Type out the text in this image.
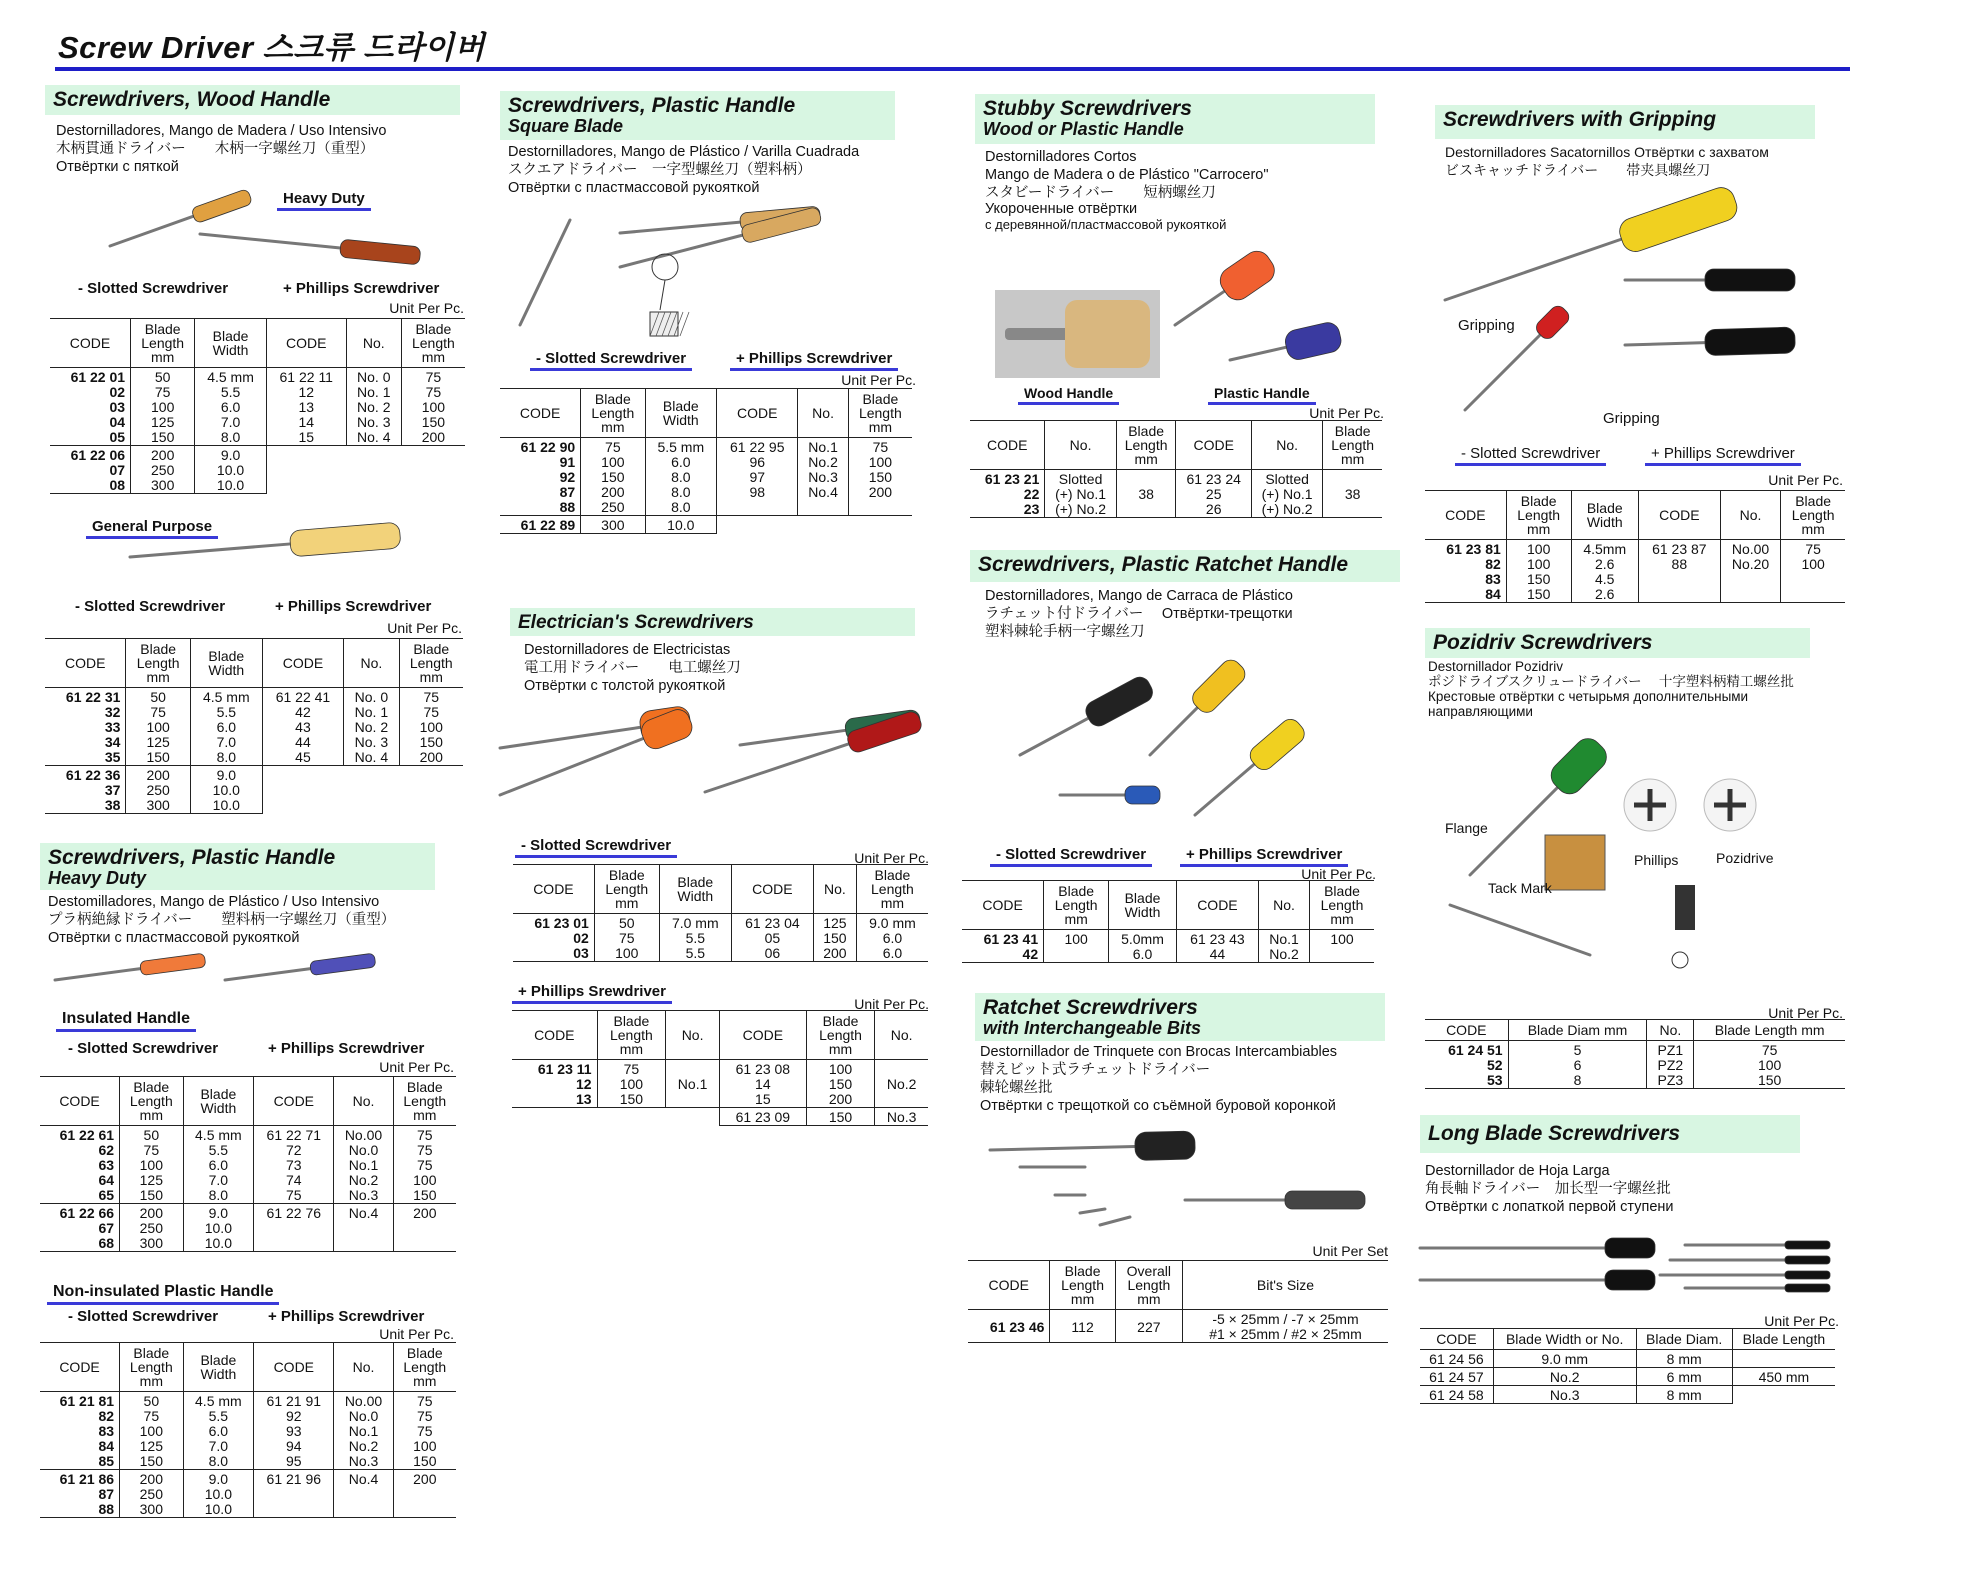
Screw Driver 스크류 드라이버
Screwdrivers, Wood Handle
Destornilladores, Mango de Madera / Uso Intensivo
木柄貫通ドライバー　　木柄一字螺丝刀（重型）
Отвёртки с пяткой
Heavy Duty
- Slotted Screwdriver	+ Phillips Screwdriver
Unit Per Pc.
CODE	Blade
Length
mm	Blade
Width	CODE	No.	Blade
Length
mm
61 22 01	50	4.5 mm	61 22 11	No. 0	75
02	75	5.5	12	No. 1	75
03	100	6.0	13	No. 2	100
04	125	7.0	14	No. 3	150
05	150	8.0	15	No. 4	200
61 22 06	200	9.0			
07	250	10.0			
08	300	10.0			
General Purpose
- Slotted Screwdriver	+ Phillips Screwdriver
Unit Per Pc.
CODE	Blade
Length
mm	Blade
Width	CODE	No.	Blade
Length
mm
61 22 31	50	4.5 mm	61 22 41	No. 0	75
32	75	5.5	42	No. 1	75
33	100	6.0	43	No. 2	100
34	125	7.0	44	No. 3	150
35	150	8.0	45	No. 4	200
61 22 36	200	9.0			
37	250	10.0			
38	300	10.0			
Screwdrivers, Plastic Handle
Heavy Duty
Destomilladores, Mango de Plástico / Uso Intensivo
プラ柄絶縁ドライバー　　塑料柄一字螺丝刀（重型）
Отвёртки с пластмассовой рукояткой
Insulated Handle
- Slotted Screwdriver	+ Phillips Screwdriver
Unit Per Pc.
CODE	Blade
Length
mm	Blade
Width	CODE	No.	Blade
Length
mm
61 22 61	50	4.5 mm	61 22 71	No.00	75
62	75	5.5	72	No.0	75
63	100	6.0	73	No.1	75
64	125	7.0	74	No.2	100
65	150	8.0	75	No.3	150
61 22 66	200	9.0	61 22 76	No.4	200
67	250	10.0			
68	300	10.0			
Non-insulated Plastic Handle
- Slotted Screwdriver	+ Phillips Screwdriver
Unit Per Pc.
CODE	Blade
Length
mm	Blade
Width	CODE	No.	Blade
Length
mm
61 21 81	50	4.5 mm	61 21 91	No.00	75
82	75	5.5	92	No.0	75
83	100	6.0	93	No.1	75
84	125	7.0	94	No.2	100
85	150	8.0	95	No.3	150
61 21 86	200	9.0	61 21 96	No.4	200
87	250	10.0			
88	300	10.0			
Screwdrivers, Plastic Handle
Square Blade
Destornilladores, Mango de Plástico / Varilla Cuadrada
スクエアドライバー　一字型螺丝刀（塑料柄）
Отвёртки с пластмассовой рукояткой
- Slotted Screwdriver	+ Phillips Screwdriver
Unit Per Pc.
CODE	Blade
Length
mm	Blade
Width	CODE	No.	Blade
Length
mm
61 22 90	75	5.5 mm	61 22 95	No.1	75
91	100	6.0	96	No.2	100
92	150	8.0	97	No.3	150
87	200	8.0	98	No.4	200
88	250	8.0			
61 22 89	300	10.0			
Electrician's Screwdrivers
Destornilladores de Electricistas
電工用ドライバー　　电工螺丝刀
Отвёртки с толстой рукояткой
- Slotted Screwdriver
Unit Per Pc.
CODE	Blade
Length
mm	Blade
Width	CODE	No.	Blade
Length
mm
61 23 01	50	7.0 mm	61 23 04	125	9.0 mm
02	75	5.5	05	150	6.0
03	100	5.5	06	200	6.0
+ Phillips Srewdriver
Unit Per Pc.
CODE	Blade
Length
mm	No.	CODE	Blade
Length
mm	No.
61 23 11	75		61 23 08	100	
12	100	No.1	14	150	No.2
13	150		15	200	
			61 23 09	150	No.3
Stubby Screwdrivers
Wood or Plastic Handle
Destornilladores Cortos
Mango de Madera o de Plástico "Carrocero"
スタビードライバー　　短柄螺丝刀
Укороченные отвёртки
с деревянной/пластмассовой рукояткой
Wood Handle	Plastic Handle
Unit Per Pc.
CODE	No.	Blade
Length
mm	CODE	No.	Blade
Length
mm
61 23 21	Slotted		61 23 24	Slotted	
22	(+) No.1	38	25	(+) No.1	38
23	(+) No.2		26	(+) No.2	
Screwdrivers, Plastic Ratchet Handle
Destornilladores, Mango de Carraca de Plástico
ラチェット付ドライバー　 Отвёртки-трещотки
塑料棘轮手柄一字螺丝刀
- Slotted Screwdriver	+ Phillips Screwdriver
Unit Per Pc.
CODE	Blade
Length
mm	Blade
Width	CODE	No.	Blade
Length
mm
61 23 41	100	5.0mm	61 23 43	No.1	100
42		6.0	44	No.2	
Ratchet Screwdrivers
with Interchangeable Bits
Destornillador de Trinquete con Brocas Intercambiables
替えビット式ラチェットドライバー
棘轮螺丝批
Отвёртки с трещоткой со съёмной буровой коронкой
Unit Per Set
CODE	Blade
Length
mm	Overall
Length
mm	Bit's Size
61 23 46	112	227	-5 × 25mm / -7 × 25mm
#1 × 25mm / #2 × 25mm
Screwdrivers with Gripping
Destornilladores Sacatornillos Отвёртки с захватом
ビスキャッチドライバー　　帯夹具螺丝刀
Gripping
Gripping
- Slotted Screwdriver	+ Phillips Screwdriver
Unit Per Pc.
CODE	Blade
Length
mm	Blade
Width	CODE	No.	Blade
Length
mm
61 23 81	100	4.5mm	61 23 87	No.00	75
82	100	2.6	88	No.20	100
83	150	4.5			
84	150	2.6			
Pozidriv Screwdrivers
Destornillador Pozidriv
ポジドライブスクリュードライバー　 十字塑料柄精工螺丝批
Крестовые отвёртки с четырьмя дополнительными
направляющими
Flange
Tack Mark
Phillips	Pozidrive
Unit Per Pc.
CODE	Blade Diam mm	No.	Blade Length mm
61 24 51	5	PZ1	75
52	6	PZ2	100
53	8	PZ3	150
Long Blade Screwdrivers
Destornillador de Hoja Larga
角長軸ドライバー　加长型一字螺丝批
Отвёртки с лопаткой первой ступени
Unit Per Pc.
CODE	Blade Width or No.	Blade Diam.	Blade Length
61 24 56	9.0 mm	8 mm	
61 24 57	No.2	6 mm	450 mm
61 24 58	No.3	8 mm	
